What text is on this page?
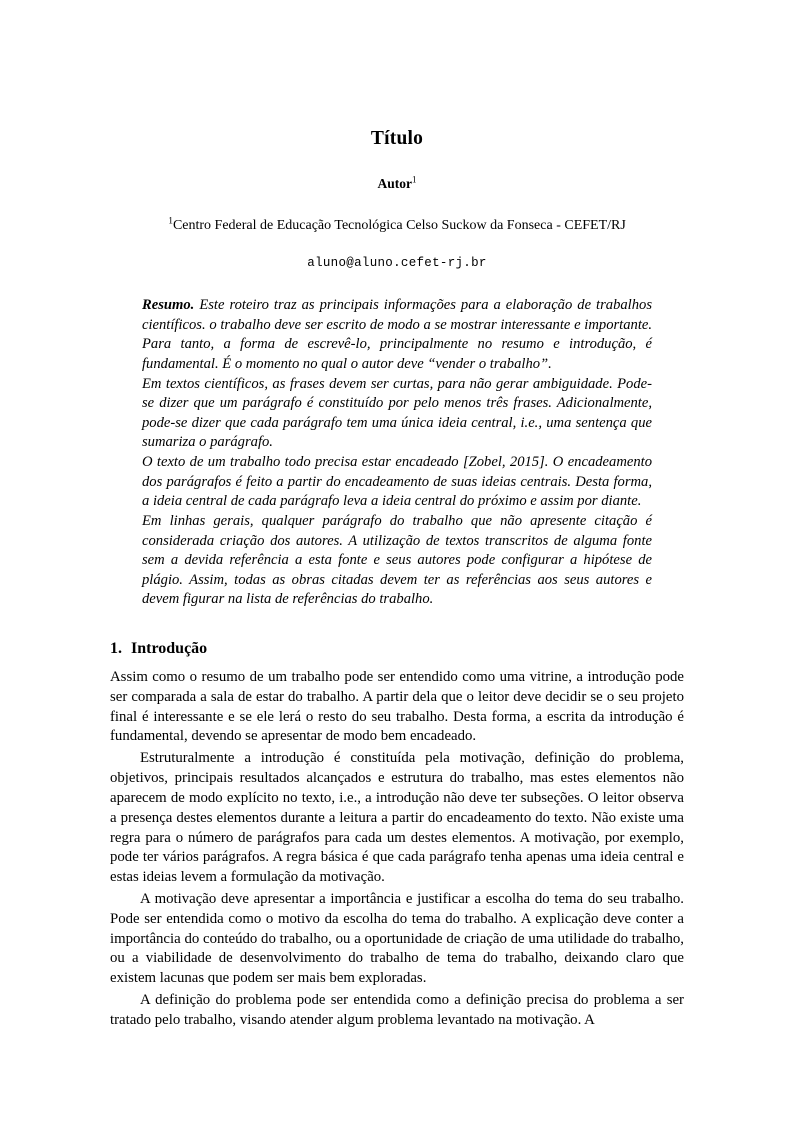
Título
Autor$^1$
$^1$Centro Federal de Educação Tecnológica Celso Suckow da Fonseca - CEFET/RJ
aluno@aluno.cefet-rj.br

Resumo. Este roteiro traz as principais informações para a elaboração de trabalhos científicos. o trabalho deve ser escrito de modo a se mostrar interessante e importante. Para tanto, a forma de escrevê-lo, principalmente no resumo e introdução, é fundamental. É o momento no qual o autor deve “vender o trabalho”.

Em textos científicos, as frases devem ser curtas, para não gerar ambiguidade. Pode-se dizer que um parágrafo é constituído por pelo menos três frases. Adicionalmente, pode-se dizer que cada parágrafo tem uma única ideia central, i.e., uma sentença que sumariza o parágrafo.

O texto de um trabalho todo precisa estar encadeado [Zobel, 2015]. O encadeamento dos parágrafos é feito a partir do encadeamento de suas ideias centrais. Desta forma, a ideia central de cada parágrafo leva a ideia central do próximo e assim por diante.

Em linhas gerais, qualquer parágrafo do trabalho que não apresente citação é considerada criação dos autores. A utilização de textos transcritos de alguma fonte sem a devida referência a esta fonte e seus autores pode configurar a hipótese de plágio. Assim, todas as obras citadas devem ter as referências aos seus autores e devem figurar na lista de referências do trabalho.

1. Introdução

Assim como o resumo de um trabalho pode ser entendido como uma vitrine, a introdução pode ser comparada a sala de estar do trabalho. A partir dela que o leitor deve decidir se o seu projeto final é interessante e se ele lerá o resto do seu trabalho. Desta forma, a escrita da introdução é fundamental, devendo se apresentar de modo bem encadeado.

Estruturalmente a introdução é constituída pela motivação, definição do problema, objetivos, principais resultados alcançados e estrutura do trabalho, mas estes elementos não aparecem de modo explícito no texto, i.e., a introdução não deve ter subseções. O leitor observa a presença destes elementos durante a leitura a partir do encadeamento do texto. Não existe uma regra para o número de parágrafos para cada um destes elementos. A motivação, por exemplo, pode ter vários parágrafos. A regra básica é que cada parágrafo tenha apenas uma ideia central e estas ideias levem a formulação da motivação.

A motivação deve apresentar a importância e justificar a escolha do tema do seu trabalho. Pode ser entendida como o motivo da escolha do tema do trabalho. A explicação deve conter a importância do conteúdo do trabalho, ou a oportunidade de criação de uma utilidade do trabalho, ou a viabilidade de desenvolvimento do trabalho de tema do trabalho, deixando claro que existem lacunas que podem ser mais bem exploradas.

A definição do problema pode ser entendida como a definição precisa do problema a ser tratado pelo trabalho, visando atender algum problema levantado na motivação. A
